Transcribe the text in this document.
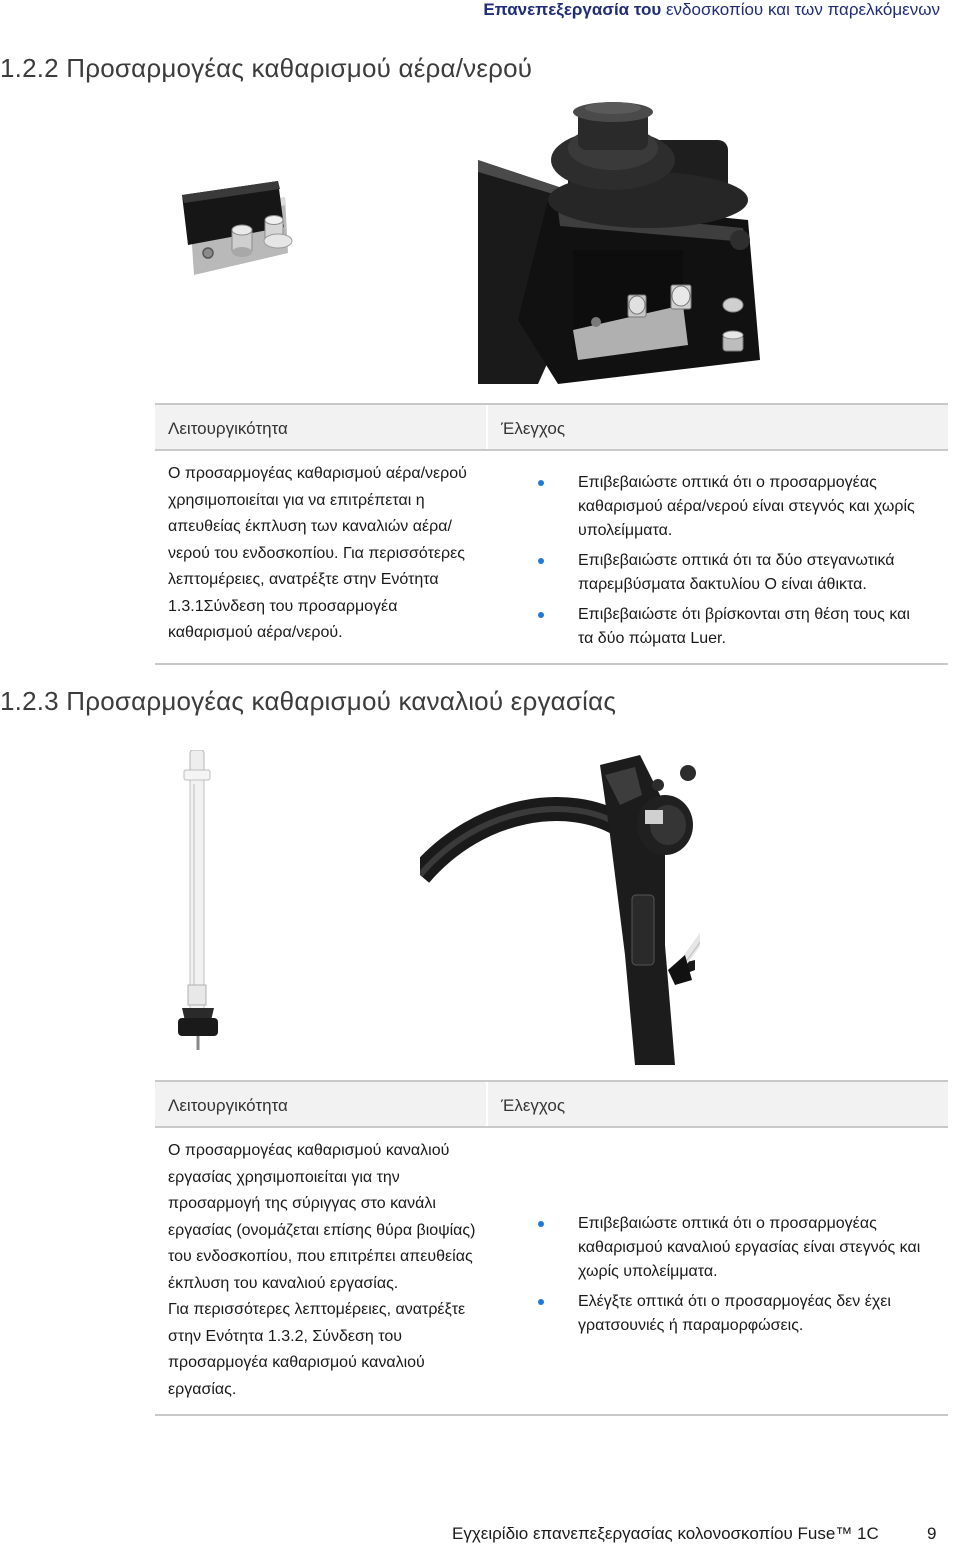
Επανεπεξεργασία του ενδοσκοπίου και των παρελκόμενων
1.2.2 Προσαρμογέας καθαρισμού αέρα/νερού
Λειτουργικότητα	Έλεγχος

Ο προσαρμογέας καθαρισμού αέρα/νερού χρησιμοποιείται για να επιτρέπεται η απευθείας έκπλυση των καναλιών αέρα/νερού του ενδοσκοπίου. Για περισσότερες λεπτομέρειες, ανατρέξτε στην Ενότητα 1.3.1Σύνδεση του προσαρμογέα καθαρισμού αέρα/νερού.

Επιβεβαιώστε οπτικά ότι ο προσαρμογέας καθαρισμού αέρα/νερού είναι στεγνός και χωρίς υπολείμματα.
Επιβεβαιώστε οπτικά ότι τα δύο στεγανωτικά παρεμβύσματα δακτυλίου O είναι άθικτα.
Επιβεβαιώστε ότι βρίσκονται στη θέση τους και τα δύο πώματα Luer.
1.2.3 Προσαρμογέας καθαρισμού καναλιού εργασίας
Λειτουργικότητα	Έλεγχος

Ο προσαρμογέας καθαρισμού καναλιού εργασίας χρησιμοποιείται για την προσαρμογή της σύριγγας στο κανάλι εργασίας (ονομάζεται επίσης θύρα βιοψίας) του ενδοσκοπίου, που επιτρέπει απευθείας έκπλυση του καναλιού εργασίας.

Για περισσότερες λεπτομέρειες, ανατρέξτε στην Ενότητα 1.3.2, Σύνδεση του προσαρμογέα καθαρισμού καναλιού εργασίας.

Επιβεβαιώστε οπτικά ότι ο προσαρμογέας καθαρισμού καναλιού εργασίας είναι στεγνός και χωρίς υπολείμματα.
Ελέγξτε οπτικά ότι ο προσαρμογέας δεν έχει γρατσουνιές ή παραμορφώσεις.
Εγχειρίδιο επανεπεξεργασίας κολονοσκοπίου Fuse™ 1C	9
